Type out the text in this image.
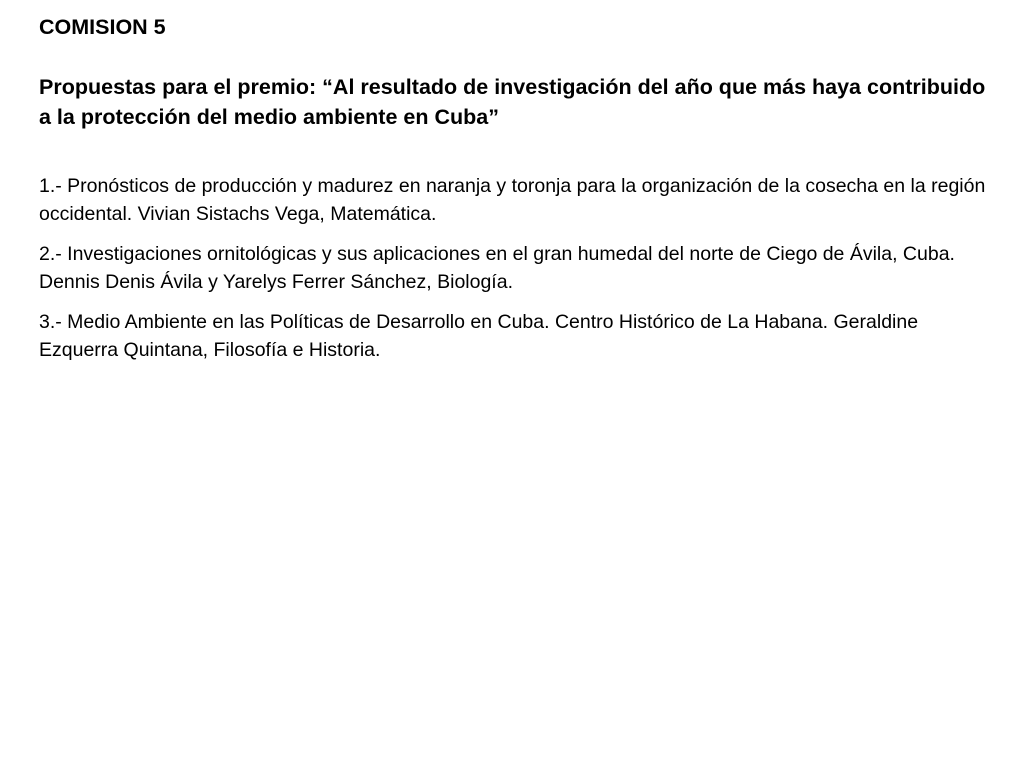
COMISION 5

Propuestas para el premio: “Al resultado de investigación del año que más haya contribuido a la protección del medio ambiente en Cuba”

1.- Pronósticos de producción y madurez en naranja y toronja para la organización de la cosecha en la región occidental. Vivian Sistachs Vega, Matemática.
2.- Investigaciones ornitológicas y sus aplicaciones en el gran humedal del norte de Ciego de Ávila, Cuba. Dennis Denis Ávila y Yarelys Ferrer Sánchez, Biología.
3.- Medio Ambiente en las Políticas de Desarrollo en Cuba. Centro Histórico de La Habana. Geraldine Ezquerra Quintana, Filosofía e Historia.
